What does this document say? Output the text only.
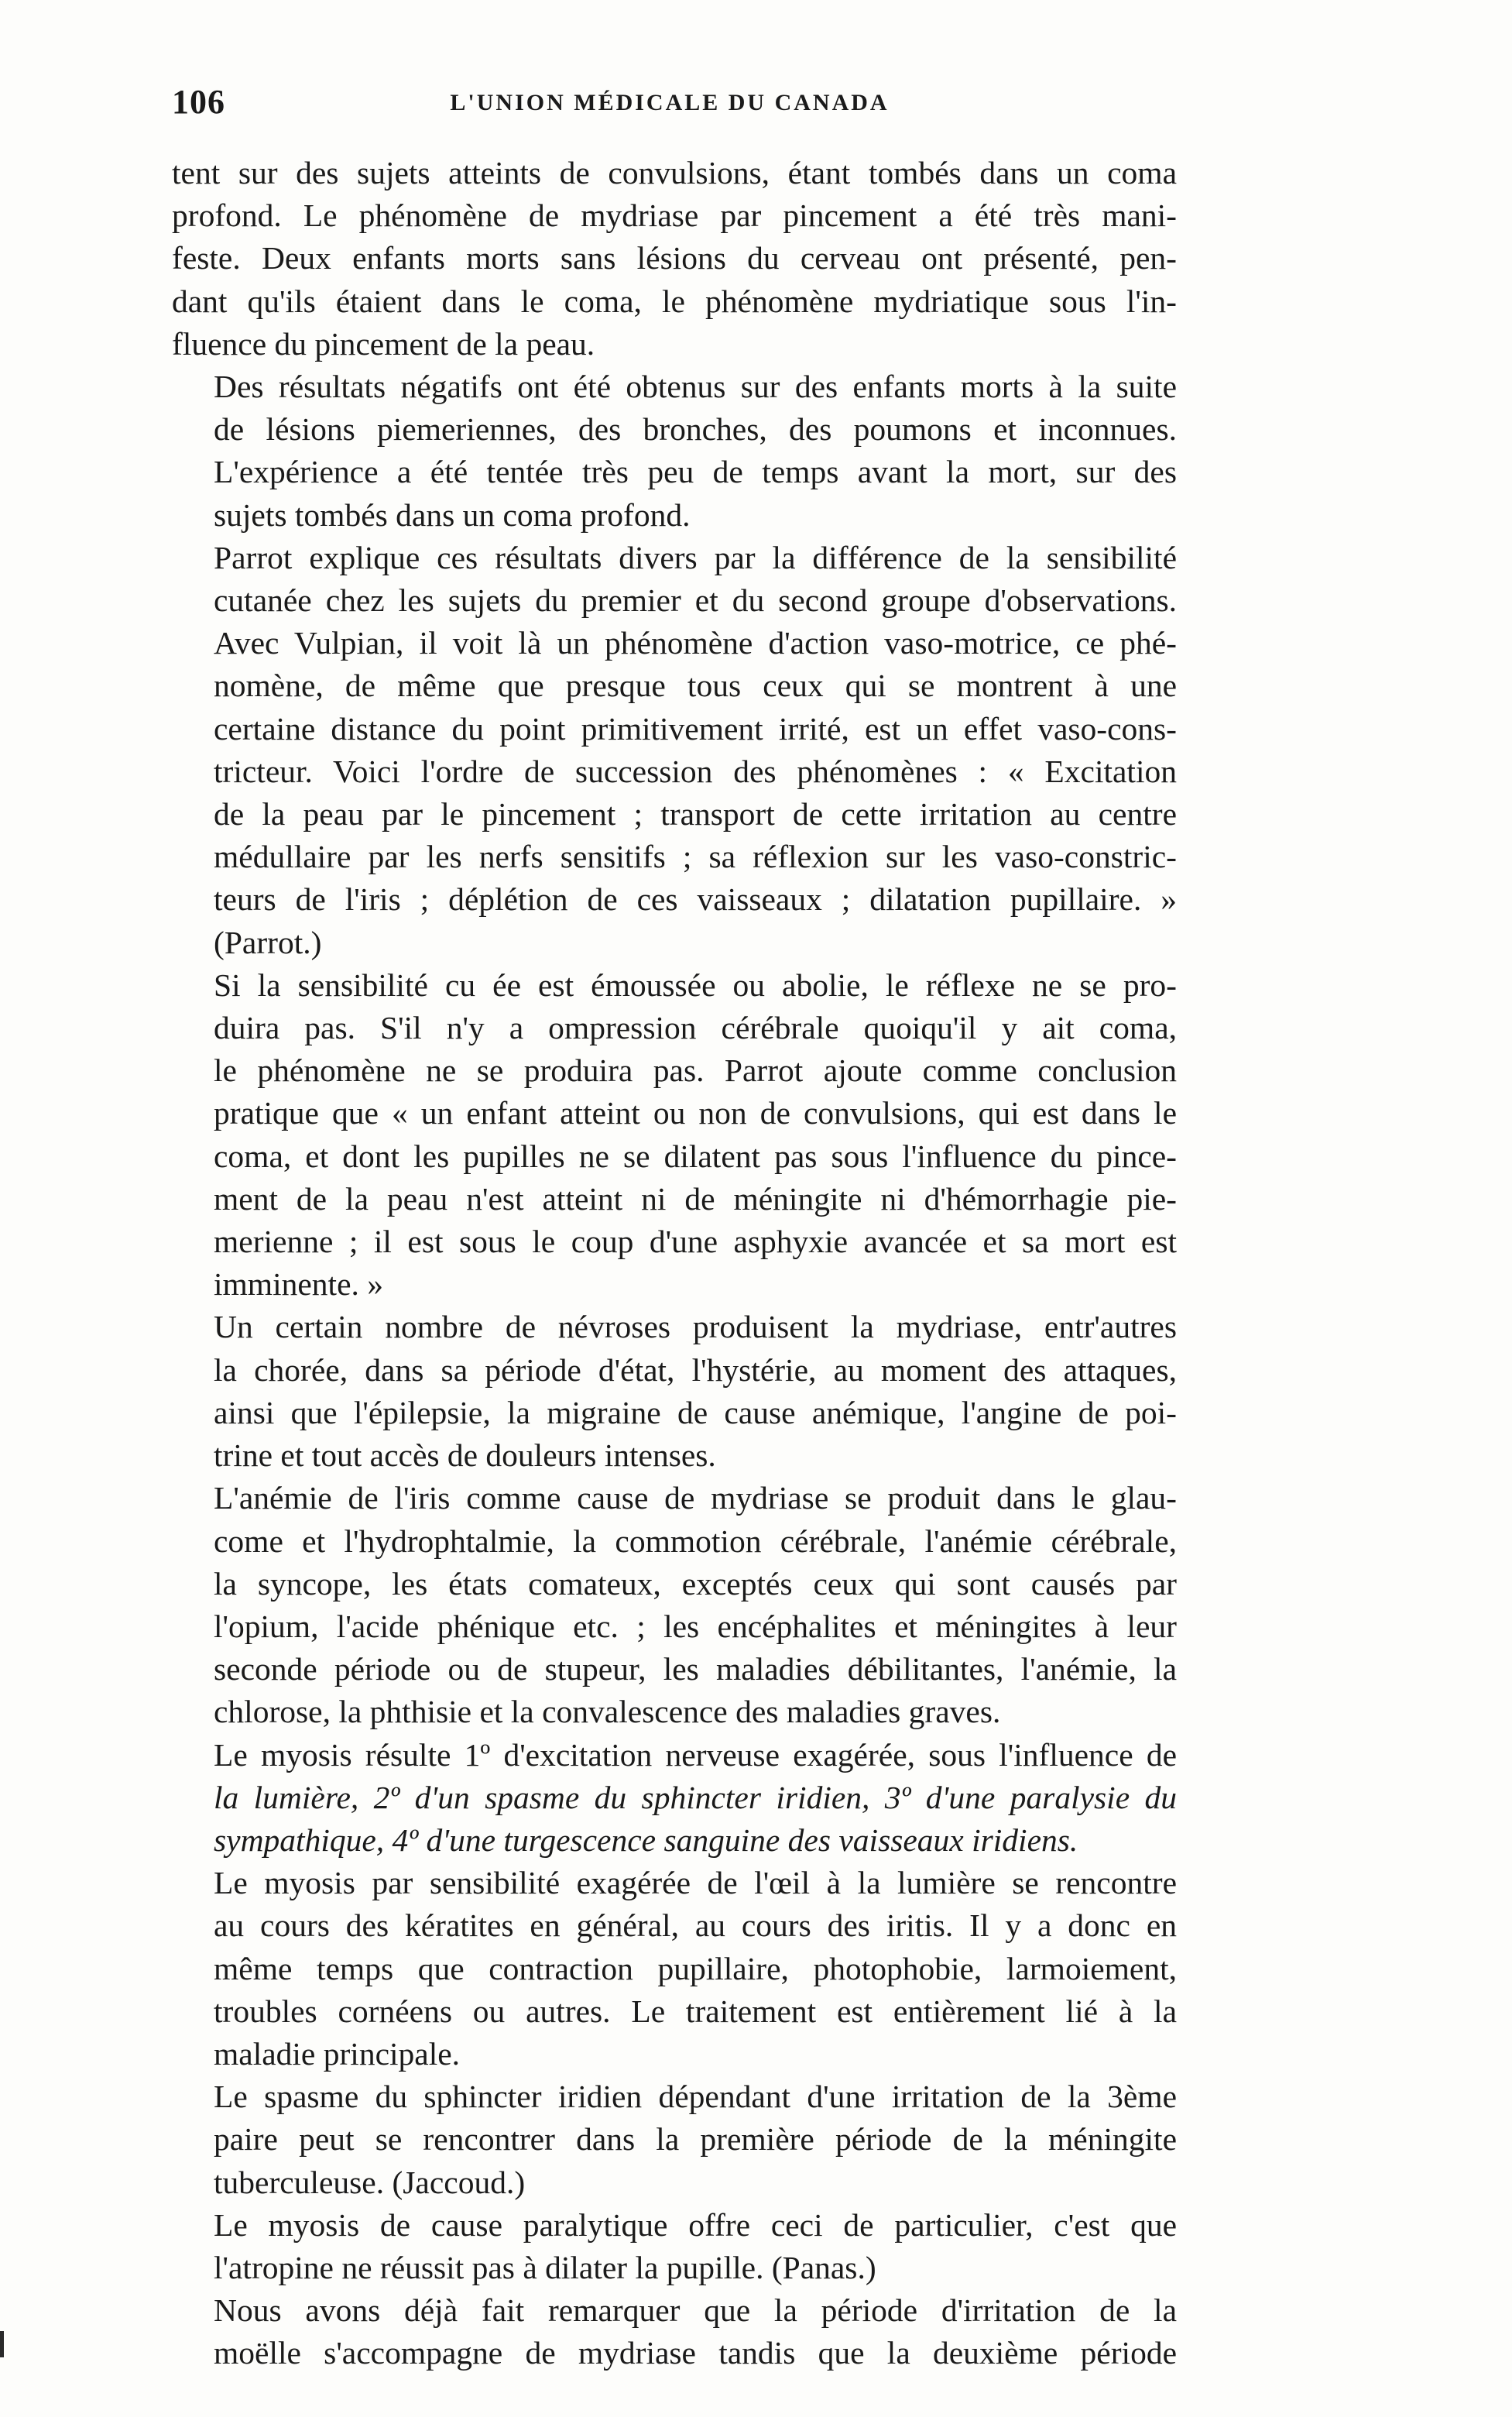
106	L'UNION MÉDICALE DU CANADA
tent sur des sujets atteints de convulsions, étant tombés dans un coma
profond. Le phénomène de mydriase par pincement a été très mani-
feste. Deux enfants morts sans lésions du cerveau ont présenté, pen-
dant qu'ils étaient dans le coma, le phénomène mydriatique sous l'in-
fluence du pincement de la peau.
Des résultats négatifs ont été obtenus sur des enfants morts à la suite
de lésions piemeriennes, des bronches, des poumons et inconnues.
L'expérience a été tentée très peu de temps avant la mort, sur des
sujets tombés dans un coma profond.
Parrot explique ces résultats divers par la différence de la sensibilité
cutanée chez les sujets du premier et du second groupe d'observations.
Avec Vulpian, il voit là un phénomène d'action vaso-motrice, ce phé-
nomène, de même que presque tous ceux qui se montrent à une
certaine distance du point primitivement irrité, est un effet vaso-cons-
tricteur. Voici l'ordre de succession des phénomènes : « Excitation
de la peau par le pincement ; transport de cette irritation au centre
médullaire par les nerfs sensitifs ; sa réflexion sur les vaso-constric-
teurs de l'iris ; déplétion de ces vaisseaux ; dilatation pupillaire. »
(Parrot.)
Si la sensibilité cu ée est émoussée ou abolie, le réflexe ne se pro-
duira pas. S'il n'y a ompression cérébrale quoiqu'il y ait coma,
le phénomène ne se produira pas. Parrot ajoute comme conclusion
pratique que « un enfant atteint ou non de convulsions, qui est dans le
coma, et dont les pupilles ne se dilatent pas sous l'influence du pince-
ment de la peau n'est atteint ni de méningite ni d'hémorrhagie pie-
merienne ; il est sous le coup d'une asphyxie avancée et sa mort est
imminente. »
Un certain nombre de névroses produisent la mydriase, entr'autres
la chorée, dans sa période d'état, l'hystérie, au moment des attaques,
ainsi que l'épilepsie, la migraine de cause anémique, l'angine de poi-
trine et tout accès de douleurs intenses.
L'anémie de l'iris comme cause de mydriase se produit dans le glau-
come et l'hydrophtalmie, la commotion cérébrale, l'anémie cérébrale,
la syncope, les états comateux, exceptés ceux qui sont causés par
l'opium, l'acide phénique etc. ; les encéphalites et méningites à leur
seconde période ou de stupeur, les maladies débilitantes, l'anémie, la
chlorose, la phthisie et la convalescence des maladies graves.
Le myosis résulte 1º d'excitation nerveuse exagérée, sous l'influence de
la lumière, 2º d'un spasme du sphincter iridien, 3º d'une paralysie du
sympathique, 4º d'une turgescence sanguine des vaisseaux iridiens.
Le myosis par sensibilité exagérée de l'œil à la lumière se rencontre
au cours des kératites en général, au cours des iritis. Il y a donc en
même temps que contraction pupillaire, photophobie, larmoiement,
troubles cornéens ou autres. Le traitement est entièrement lié à la
maladie principale.
Le spasme du sphincter iridien dépendant d'une irritation de la 3ème
paire peut se rencontrer dans la première période de la méningite
tuberculeuse. (Jaccoud.)
Le myosis de cause paralytique offre ceci de particulier, c'est que
l'atropine ne réussit pas à dilater la pupille. (Panas.)
Nous avons déjà fait remarquer que la période d'irritation de la
moëlle s'accompagne de mydriase tandis que la deuxième période
